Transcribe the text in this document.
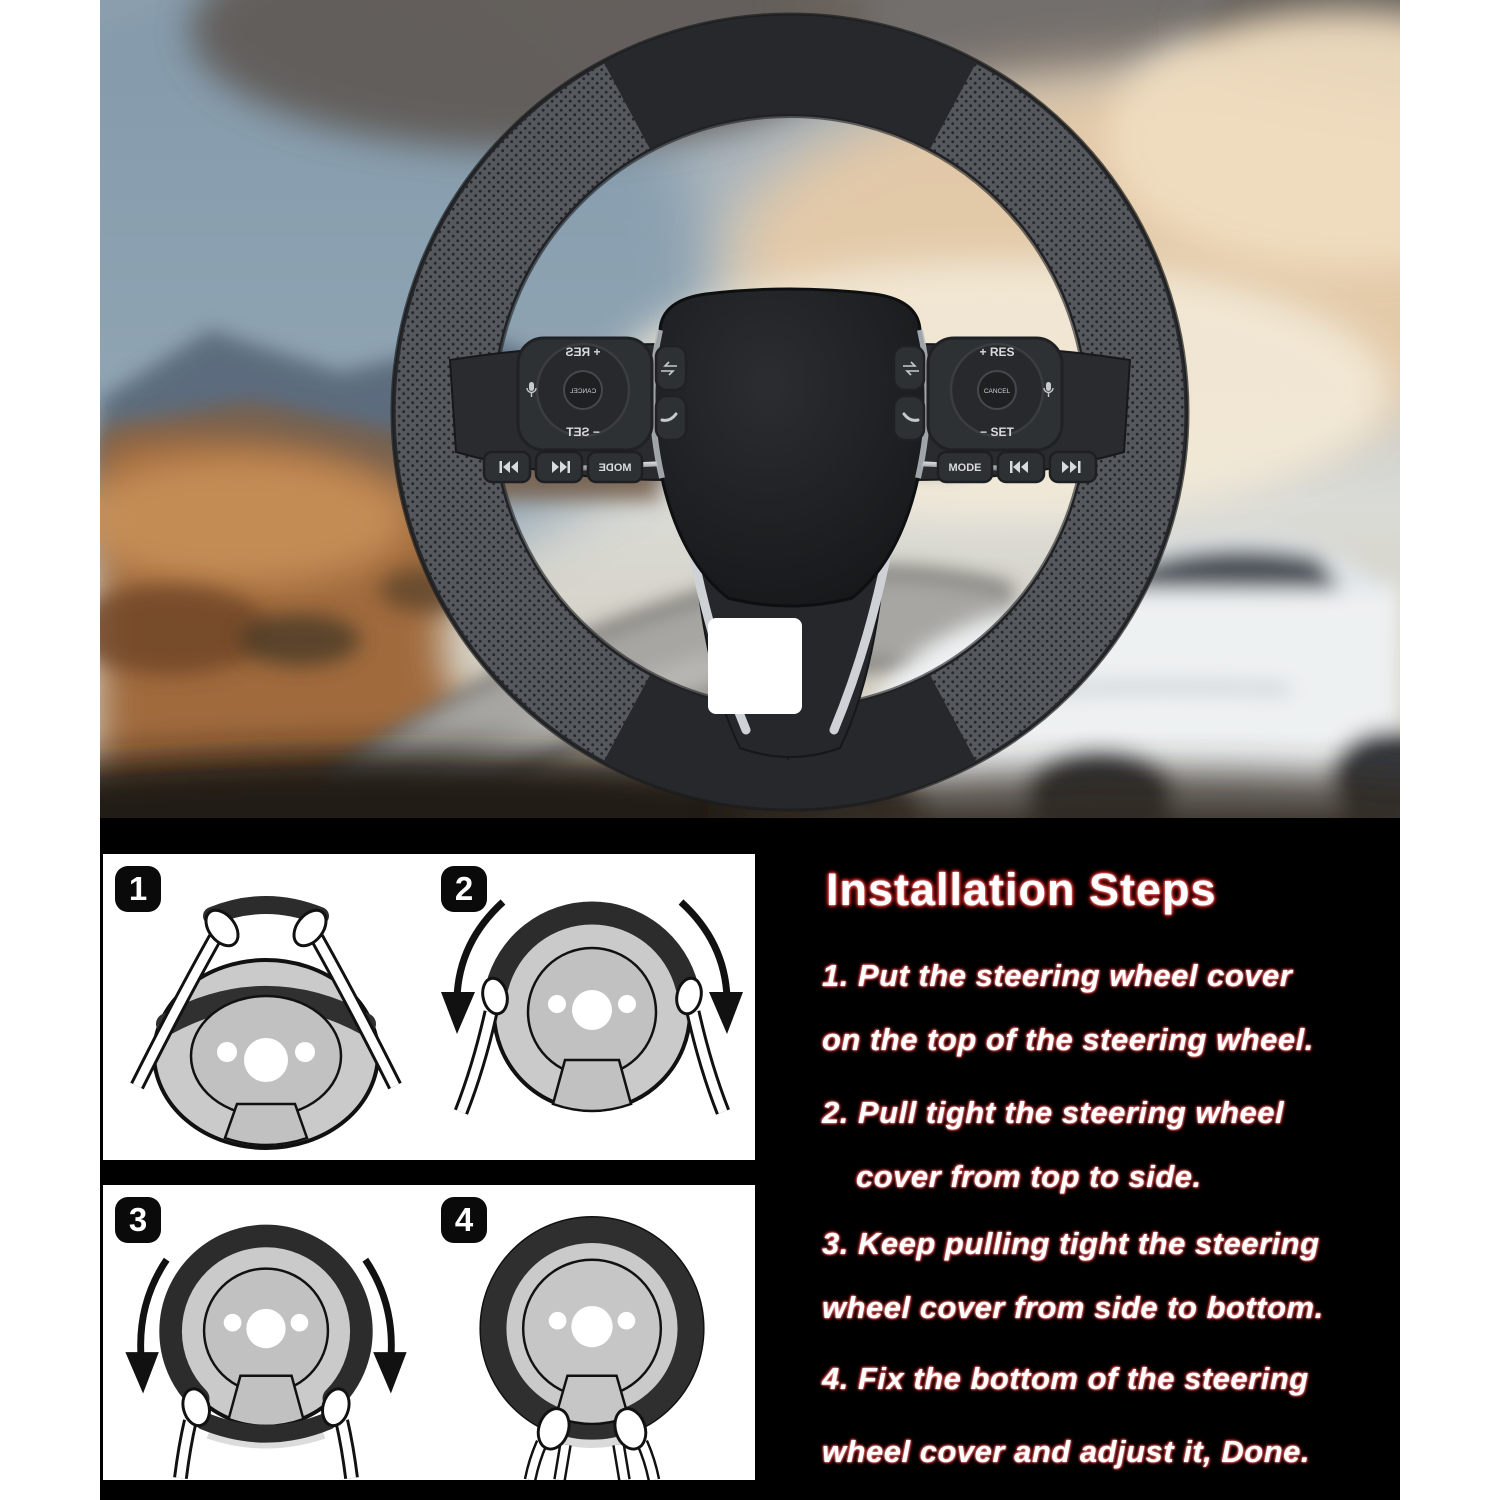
CANCEL
+ RES
− SET
MODE
1	2
3	4
Installation Steps

1. Put the steering wheel cover

on the top of the steering wheel.

2. Pull tight the steering wheel

cover from top to side.

3. Keep pulling tight the steering

wheel cover from side to bottom.

4. Fix the bottom of the steering

wheel cover and adjust it, Done.
